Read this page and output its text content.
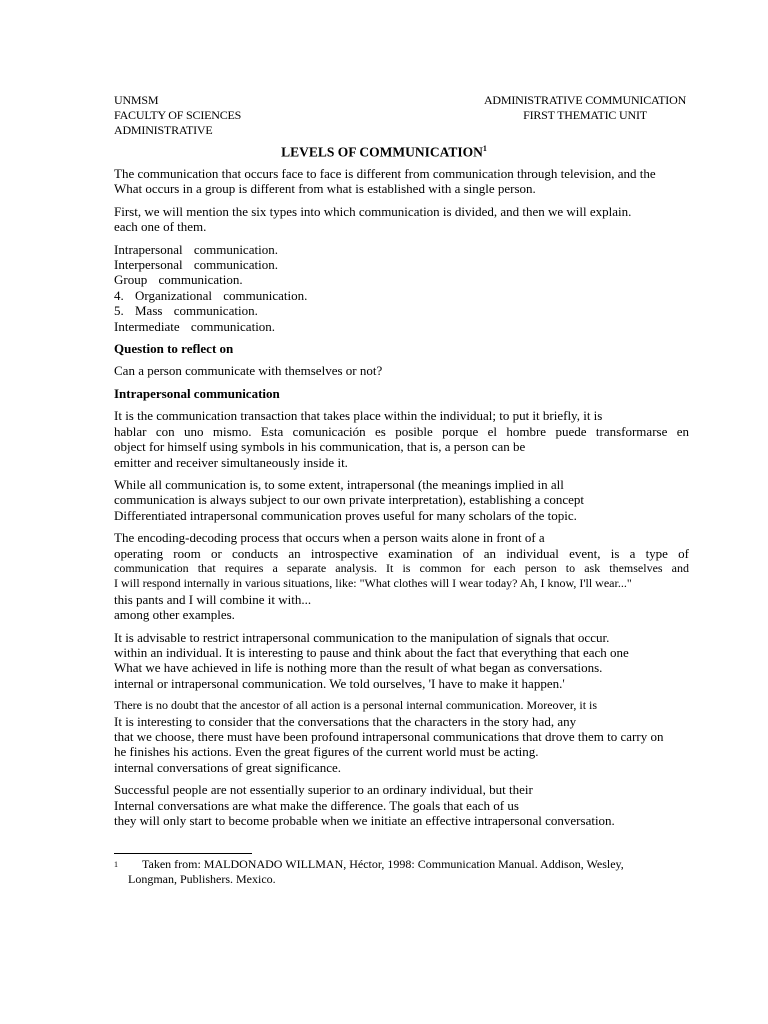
UNMSM
FACULTY OF SCIENCES
ADMINISTRATIVE
ADMINISTRATIVE COMMUNICATION
FIRST THEMATIC UNIT
LEVELS OF COMMUNICATION$^1$
The communication that occurs face to face is different from communication through television, and the
What occurs in a group is different from what is established with a single person.
First, we will mention the six types into which communication is divided, and then we will explain.
each one of them.
Intrapersonal communication.
Interpersonal communication.
Group communication.
4. Organizational communication.
5. Mass communication.
Intermediate communication.
Question to reflect on
Can a person communicate with themselves or not?
Intrapersonal communication
It is the communication transaction that takes place within the individual; to put it briefly, it is
hablar con uno mismo. Esta comunicación es posible porque el hombre puede transformarse en
object for himself using symbols in his communication, that is, a person can be
emitter and receiver simultaneously inside it.
While all communication is, to some extent, intrapersonal (the meanings implied in all
communication is always subject to our own private interpretation), establishing a concept
Differentiated intrapersonal communication proves useful for many scholars of the topic.
The encoding-decoding process that occurs when a person waits alone in front of a
operating room or conducts an introspective examination of an individual event, is a type of
communication that requires a separate analysis. It is common for each person to ask themselves and
I will respond internally in various situations, like: "What clothes will I wear today? Ah, I know, I'll wear..."
this pants and I will combine it with...
among other examples.
It is advisable to restrict intrapersonal communication to the manipulation of signals that occur.
within an individual. It is interesting to pause and think about the fact that everything that each one
What we have achieved in life is nothing more than the result of what began as conversations.
internal or intrapersonal communication. We told ourselves, 'I have to make it happen.'
There is no doubt that the ancestor of all action is a personal internal communication. Moreover, it is
It is interesting to consider that the conversations that the characters in the story had, any
that we choose, there must have been profound intrapersonal communications that drove them to carry on
he finishes his actions. Even the great figures of the current world must be acting.
internal conversations of great significance.
Successful people are not essentially superior to an ordinary individual, but their
Internal conversations are what make the difference. The goals that each of us
they will only start to become probable when we initiate an effective intrapersonal conversation.
1 Taken from: MALDONADO WILLMAN, Héctor, 1998: Communication Manual. Addison, Wesley,
Longman, Publishers. Mexico.
